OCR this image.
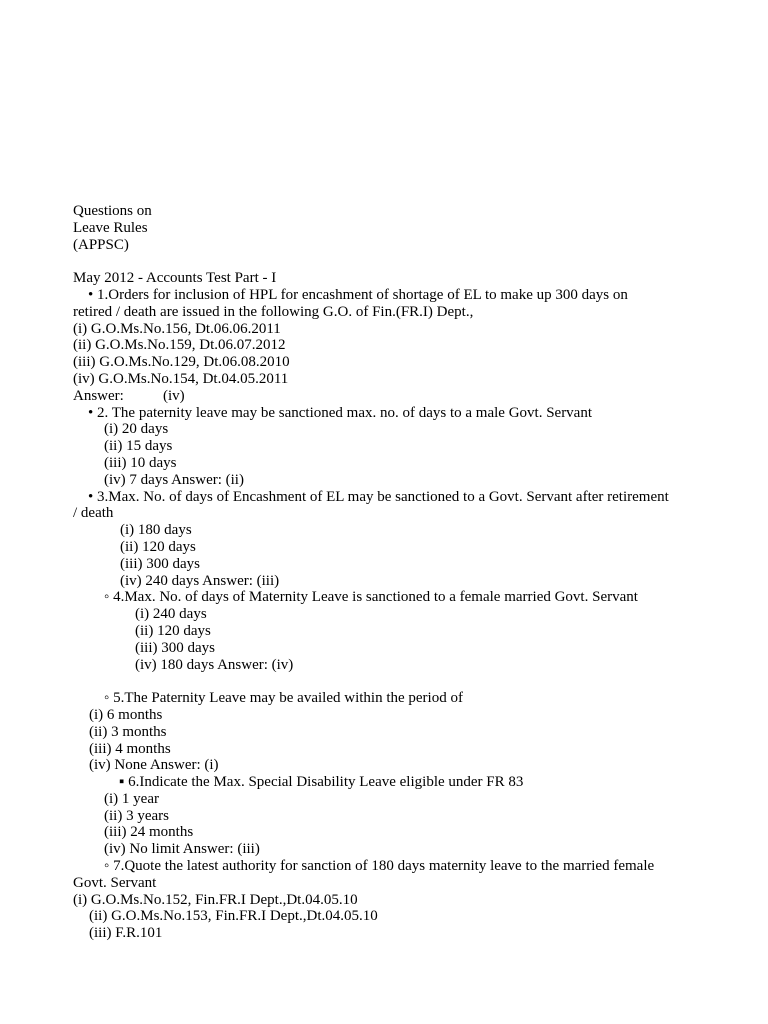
Questions on
Leave Rules
(APPSC)
May 2012 - Accounts Test Part - I
• 1.Orders for inclusion of HPL for encashment of shortage of EL to make up 300 days on
retired / death are issued in the following G.O. of Fin.(FR.I) Dept.,
(i) G.O.Ms.No.156, Dt.06.06.2011
(ii) G.O.Ms.No.159, Dt.06.07.2012
(iii) G.O.Ms.No.129, Dt.06.08.2010
(iv) G.O.Ms.No.154, Dt.04.05.2011
Answer:	(iv)
• 2. The paternity leave may be sanctioned max. no. of days to a male Govt. Servant
(i) 20 days
(ii) 15 days
(iii) 10 days
(iv) 7 days Answer: (ii)
• 3.Max. No. of days of Encashment of EL may be sanctioned to a Govt. Servant after retirement
/ death
(i) 180 days
(ii) 120 days
(iii) 300 days
(iv) 240 days Answer: (iii)
◦ 4.Max. No. of days of Maternity Leave is sanctioned to a female married Govt. Servant
(i) 240 days
(ii) 120 days
(iii) 300 days
(iv) 180 days Answer: (iv)
◦ 5.The Paternity Leave may be availed within the period of
(i) 6 months
(ii) 3 months
(iii) 4 months
(iv) None Answer: (i)
▪ 6.Indicate the Max. Special Disability Leave eligible under FR 83
(i) 1 year
(ii) 3 years
(iii) 24 months
(iv) No limit Answer: (iii)
◦ 7.Quote the latest authority for sanction of 180 days maternity leave to the married female
Govt. Servant
(i) G.O.Ms.No.152, Fin.FR.I Dept.,Dt.04.05.10
(ii) G.O.Ms.No.153, Fin.FR.I Dept.,Dt.04.05.10
(iii) F.R.101
